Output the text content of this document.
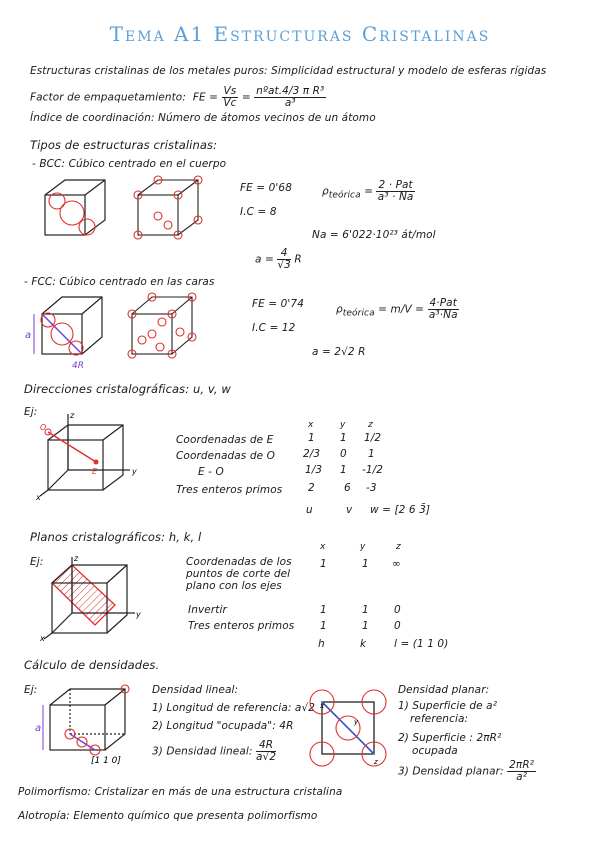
Tema A1 Estructuras Cristalinas
Estructuras cristalinas de los metales puros: Simplicidad estructural y modelo de esferas rígidas
Factor de empaquetamiento: FE = $\frac{Vs}{Vc} = \frac{\text{nºat.4/3 π R³}}{\text{a³}}$
Índice de coordinación: Número de átomos vecinos de un átomo
Tipos de estructuras cristalinas:
- BCC: Cúbico centrado en el cuerpo
FE = 0'68
I.C = 8
$\rho_{teórica} = \frac{\text{2 · Pat}}{\text{a³ · Na}}$
Na = 6'022·10²³ át/mol
$a = \frac{4}{√3}$ R
- FCC: Cúbico centrado en las caras
a
4R
FE = 0'74
I.C = 12
$\rho_{teórica} = m/V = \frac{\text{4·Pat}}{\text{a³·Na}}$
a = 2√2 R
Direcciones cristalográficas: u, v, w
Ej:	z
y
x
O
E
x	y	z
Coordenadas de E	1 1 1/2
Coordenadas de O	2/3 0 1
E - O	1/3 1 -1/2
Tres enteros primos 2	6 -3
u	v w = [2 6 3̄]
Planos cristalográficos: h, k, l
Ej:	z
y
x
x	y	z
Coordenadas de los puntos de corte del plano con los ejes
1	1 ∞
Invertir	1	1 0
Tres enteros primos 1	1 0
h	k	l = (1 1 0)
Cálculo de densidades.
Ej:
a
[1 1 0]
Densidad lineal:
1) Longitud de referencia: a√2
2) Longitud "ocupada": 4R
3) Densidad lineal: $\frac{4R}{a√2}$
x
y
z
Densidad planar:
1) Superficie de a²
referencia:
2) Superficie : 2πR²
ocupada
3) Densidad planar: $\frac{\text{2πR²}}{\text{a²}}$
Polimorfismo: Cristalizar en más de una estructura cristalina
Alotropía: Elemento químico que presenta polimorfismo
